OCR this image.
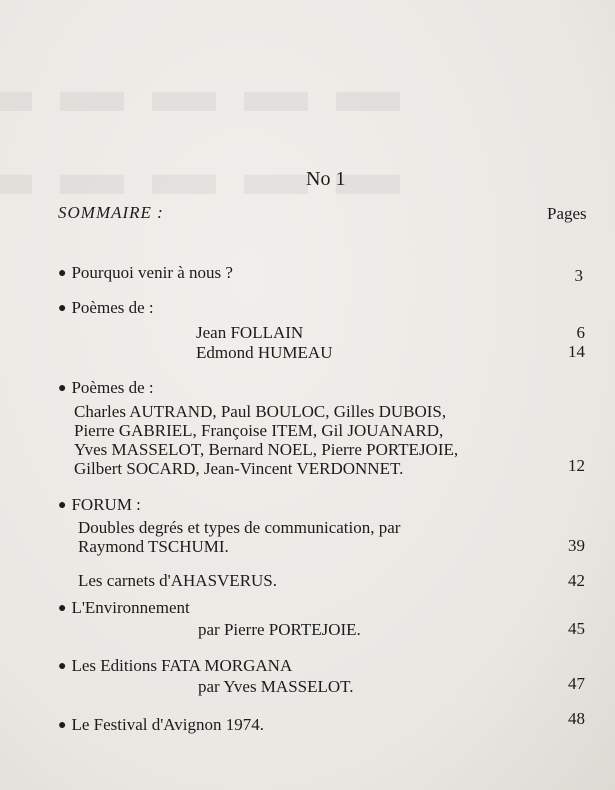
No 1
SOMMAIRE :	Pages
● Pourquoi venir à nous ?	3
● Poèmes de :
Jean FOLLAIN	6
Edmond HUMEAU	14
● Poèmes de :
Charles AUTRAND, Paul BOULOC, Gilles DUBOIS,
Pierre GABRIEL, Françoise ITEM, Gil JOUANARD,
Yves MASSELOT, Bernard NOEL, Pierre PORTEJOIE,
Gilbert SOCARD, Jean-Vincent VERDONNET.	12
● FORUM :
Doubles degrés et types de communication, par
Raymond TSCHUMI.	39
Les carnets d'AHASVERUS.	42
● L'Environnement
par Pierre PORTEJOIE.	45
● Les Editions FATA MORGANA
par Yves MASSELOT.	47
● Le Festival d'Avignon 1974.	48
